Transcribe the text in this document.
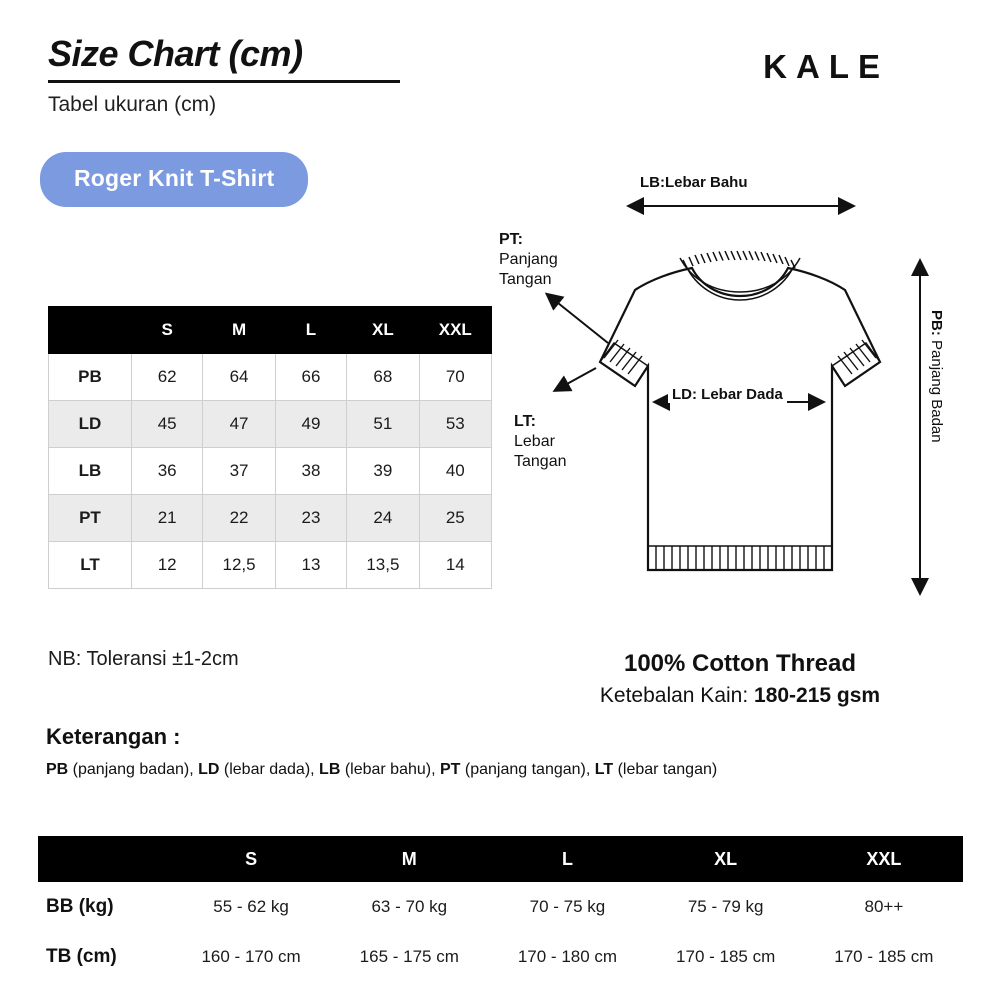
Size Chart (cm)
Tabel ukuran (cm)
Roger Knit T-Shirt
KALE
	S	M	L	XL	XXL
PB	62	64	66	68	70
LD	45	47	49	51	53
LB	36	37	38	39	40
PT	21	22	23	24	25
LT	12	12,5	13	13,5	14
NB: Toleransi ±1-2cm	100% Cotton Thread
Ketebalan Kain: 180-215 gsm
Keterangan :
PB (panjang badan), LD (lebar dada), LB (lebar bahu), PT (panjang tangan), LT (lebar tangan)
	S	M	L	XL	XXL
BB (kg)	55 - 62 kg	63 - 70 kg	70 - 75 kg	75 - 79 kg	80++
TB (cm)	160 - 170 cm	165 - 175 cm	170 - 180 cm	170 - 185 cm	170 - 185 cm
LB:Lebar Bahu
PT:
Panjang
Tangan
LT:
Lebar
Tangan
LD: Lebar Dada
PB: Panjang Badan
